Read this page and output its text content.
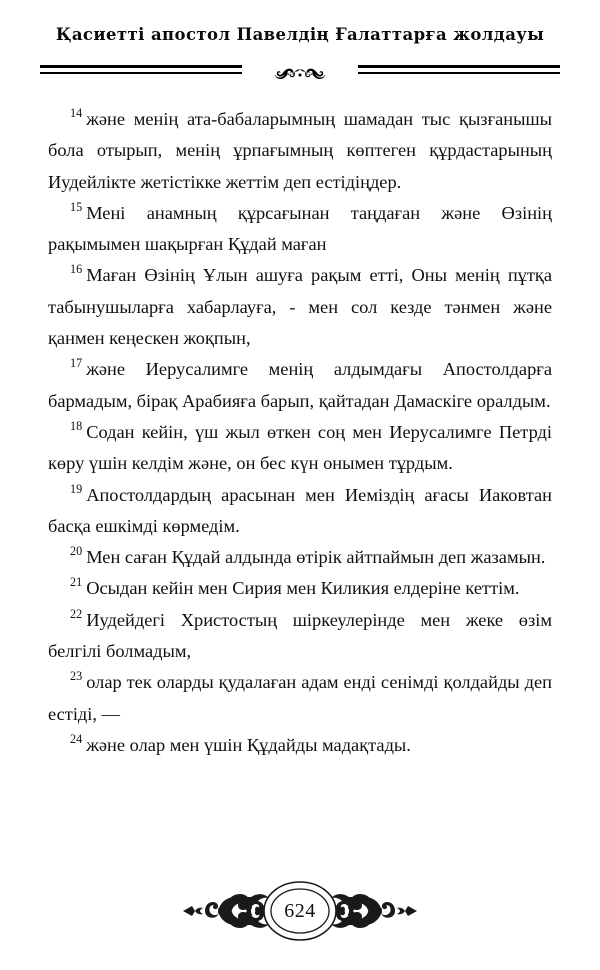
Қасиетті апостол Павелдің Ғалаттарға жолдауы

$^{14}$ және менің ата-бабаларымның шамадан тыс қызғанышы бола отырып, менің ұрпағымның көптеген құрдастарының Иудейлікте жетістікке жеттім деп естідіңдер.

$^{15}$ Мені анамның құрсағынан таңдаған және Өзінің рақымымен шақырған Құдай маған

$^{16}$ Маған Өзінің Ұлын ашуға рақым етті, Оны менің пұтқа табынушыларға хабарлауға, - мен сол кезде тәнмен және қанмен кеңескен жоқпын,

$^{17}$ және Иерусалимге менің алдымдағы Апостолдарға бармадым, бірақ Арабияға барып, қайтадан Дамаскіге оралдым.

$^{18}$ Содан кейін, үш жыл өткен соң мен Иерусалимге Петрді көру үшін келдім және, он бес күн онымен тұрдым.

$^{19}$ Апостолдардың арасынан мен Иеміздің ағасы Иаковтан басқа ешкімді көрмедім.

$^{20}$ Мен саған Құдай алдында өтірік айтпаймын деп жазамын.

$^{21}$ Осыдан кейін мен Сирия мен Киликия елдеріне кеттім.

$^{22}$ Иудейдегі Христостың шіркеулерінде мен жеке өзім белгілі болмадым,

$^{23}$ олар тек оларды қудалаған адам енді сенімді қолдайды деп естіді, —

$^{24}$ және олар мен үшін Құдайды мадақтады.

624
